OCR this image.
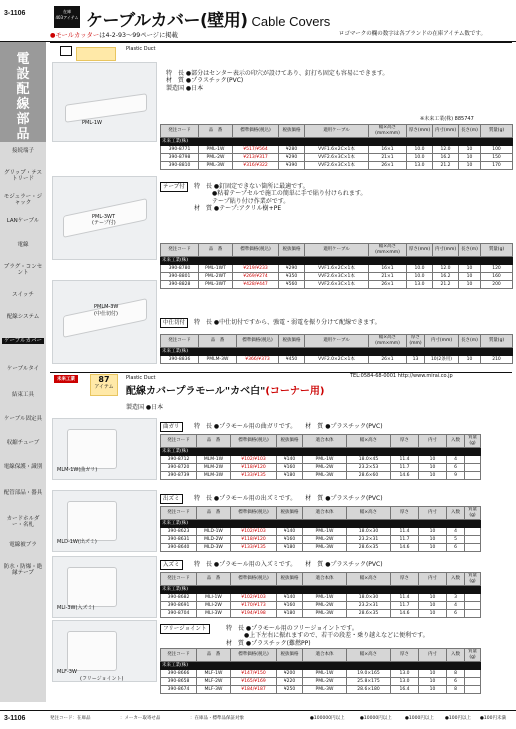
3-1106	在庫
403アイテム ケーブルカバー(壁用) Cable Covers
ロゴマークの欄の数字は各ブランドの在庫アイテム数です。
●モールカッターは4-2-93〜99ページに掲載
電設配線部品
接続端子
グリップ・テストリード
モジュラー・ジャック
LANケーブル
電線
プラグ・コンセント
スイッチ
配線システム
ケーブルカバー
ケーブルタイ
結束工具
ケーブル固定具
収縮チューブ
電線保護・識別
配管部品・器具
カードホルダー・名札
電線被ブラ
防水・防爆・絶縁テープ
Plastic Duct
PML-1W
特　長 ●部分はセンター表示の印穴が設けてあり、釘打ち固定も容易にできます。
材　質 ●プラスチック(PVC)
製造国 ●日本
※未来工業(株) 885747
発注コード	品　番	標準価格(税込)	税抜価格	適用ケーブル	幅×高さ(mm×mm)	厚さ(mm)	内寸(mm)	長さ(m)	質量(g)
未来工業(株)									
390-8771	PML-1W	¥517/¥564	¥280	VVF1.6×2C×1本	16×1	10.0	12.0	10	100
390-8798	PML-2W	¥213/¥317	¥290	VVF2.6×3C×1本	21×1	10.0	16.2	10	150
390-8810	PML-3W	¥316/¥322	¥390	VVF2.6×3C×1本	26×1	13.0	21.2	10	170
PML-3WT
(テープ付)
テープ付	特　長 ●釘固定できない箇所に最適です。
　　　●粘着テープセルで施工の簡単に手で貼り付けられます。
　　　テープ貼り付け作業がです。
材　質 ●テープ:アクリル樹+PE
発注コード	品　番	標準価格(税込)	税抜価格	適用ケーブル	幅×高さ(mm×mm)	厚さ(mm)	内寸(mm)	長さ(m)	質量(g)
未来工業(株)									
390-8780	PML-1WT	¥219/¥233	¥290	VVF1.6×2C×1本	16×1	10.0	12.0	10	120
390-8801	PML-2WT	¥269/¥274	¥350	VVF2.6×3C×1本	21×1	10.0	16.2	10	160
390-8828	PML-3WT	¥428/¥447	¥560	VVF2.6×3C×1本	26×1	13.0	21.2	10	200
PMLM-3W
(中仕切付)
中仕切付	特　長 ●中仕切付ですから、強電・弱電を振り分けて配線できます。
発注コード	品　番	標準価格(税込)	税抜価格	適用ケーブル	幅×高さ(mm×mm)	厚さ(mm)	内寸(mm)	長さ(m)	質量(g)
未来工業(株)									
390-8836	PMLM-3W	¥366/¥373	¥450	VVF2.0×2C×1本	26×1	13	10(2条用)	10	210
未来工業	87
アイテム
Plastic Duct
配線カバープラモール"カベ白"(コーナー用)
TEL:0584-68-0001 http://www.mirai.co.jp
製造国 ●日本
MLM-1W(曲ガリ)
曲ガリ	特　長 ●プラモール用の曲ガリです。　　材　質 ●プラスチック(PVC)
発注コード	品　番	標準価格(税込)	税抜価格	適合本体	幅×高さ	厚さ	内寸	入数	質量(g)
未来工業(株)									
390-8712	MLM-1W	¥102/¥103	¥140	PML-1W	18.0×45	11.4	10	4	
390-8720	MLM-2W	¥118/¥120	¥160	PML-2W	23.2×53	11.7	10	6	
390-8739	MLM-3W	¥133/¥135	¥180	PML-3W	28.6×60	14.6	10	9	
MLD-1W(出ズミ)
出ズミ	特　長 ●プラモール用の出ズミです。　　材　質 ●プラスチック(PVC)
発注コード	品　番	標準価格(税込)	税抜価格	適合本体	幅×高さ	厚さ	内寸	入数	質量(g)
未来工業(株)									
390-8623	MLD-1W	¥102/¥103	¥140	PML-1W	18.0×30	11.4	10	4	
390-8631	MLD-2W	¥118/¥120	¥160	PML-2W	23.2×31	11.7	10	5	
390-8640	MLD-3W	¥133/¥135	¥180	PML-3W	28.6×35	14.6	10	6	
MLI-3W(入ズミ)
入ズミ	特　長 ●プラモール用の入ズミです。　　材　質 ●プラスチック(PVC)
発注コード	品　番	標準価格(税込)	税抜価格	適合本体	幅×高さ	厚さ	内寸	入数	質量(g)
未来工業(株)									
390-8682	MLI-1W	¥102/¥103	¥140	PML-1W	18.0×30	11.4	10	3	
390-8691	MLI-2W	¥170/¥173	¥160	PML-2W	23.2×31	11.7	10	4	
390-8704	MLI-3W	¥194/¥198	¥180	PML-3W	28.6×35	14.6	10	6	
MLF-3W
フリージョイント	特　長 ●プラモール用のフリージョイントです。
　　　●上下左右に振れますので、若干の段差・乗り越えなどに便利です。
材　質 ●プラスチック(難燃PP)
発注コード	品　番	標準価格(税込)	税抜価格	適合本体	幅×高さ	厚さ	内寸	入数	質量(g)
未来工業(株)									
390-8666	MLF-1W	¥147/¥150	¥200	PML-1W	19.0×165	13.0	10	8	
390-8658	MLF-2W	¥165/¥169	¥220	PML-2W	25.8×175	13.0	10	6	
390-8674	MLF-3W	¥184/¥187	¥250	PML-3W	28.6×180	16.4	10	8	
(フリージョイント)
3-1106	発注コード：在庫品	：メーカー取寄せ品	：在庫品・標準品保証対象	●100000円以上	●10000円以上	●1000円以上 ●100円以上 ●100円未満
